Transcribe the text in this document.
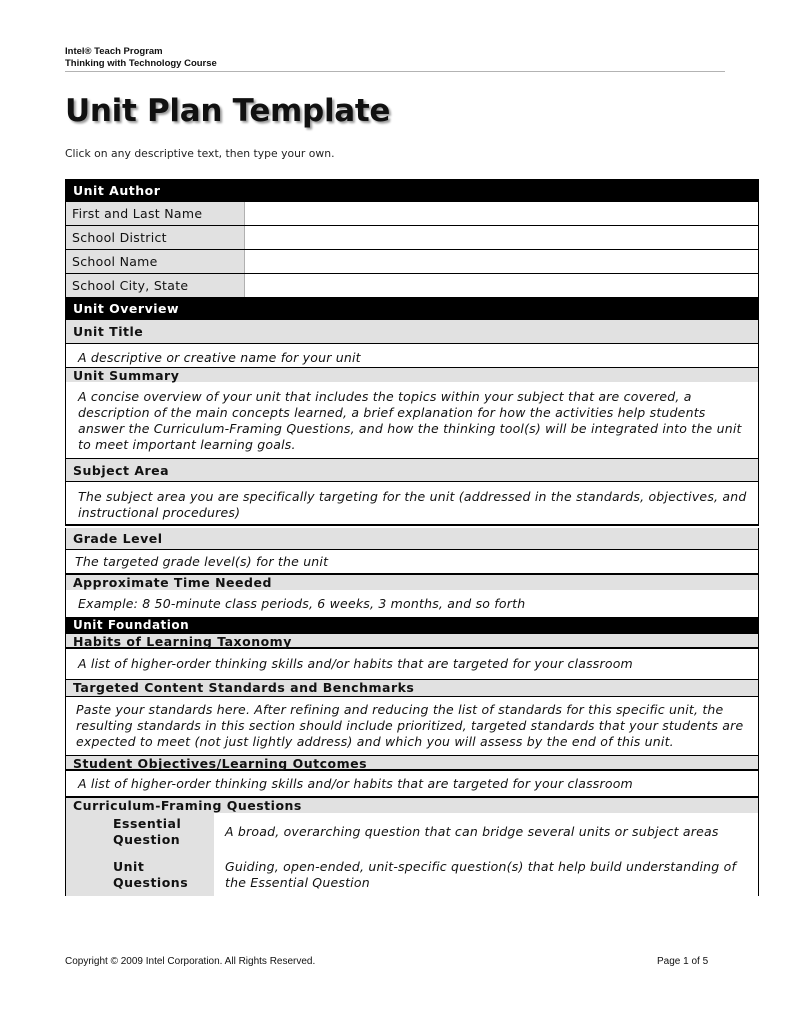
Intel® Teach Program
Thinking with Technology Course
Unit Plan Template
Click on any descriptive text, then type your own.
Unit Author
First and Last Name
School District
School Name
School City, State
Unit Overview
Unit Title
A descriptive or creative name for your unit
Unit Summary
A concise overview of your unit that includes the topics within your subject that are covered, a description of the main concepts learned, a brief explanation for how the activities help students answer the Curriculum-Framing Questions, and how the thinking tool(s) will be integrated into the unit to meet important learning goals.
Subject Area
The subject area you are specifically targeting for the unit (addressed in the standards, objectives, and instructional procedures)
Grade Level
The targeted grade level(s) for the unit
Approximate Time Needed
Example: 8 50-minute class periods, 6 weeks, 3 months, and so forth
Unit Foundation
Habits of Learning Taxonomy
A list of higher-order thinking skills and/or habits that are targeted for your classroom
Targeted Content Standards and Benchmarks
Paste your standards here. After refining and reducing the list of standards for this specific unit, the resulting standards in this section should include prioritized, targeted standards that your students are expected to meet (not just lightly address) and which you will assess by the end of this unit.
Student Objectives/Learning Outcomes
A list of higher-order thinking skills and/or habits that are targeted for your classroom
Curriculum-Framing Questions
Essential
Question
A broad, overarching question that can bridge several units or subject areas
Unit
Questions
Guiding, open-ended, unit-specific question(s) that help build understanding of the Essential Question
Copyright © 2009 Intel Corporation. All Rights Reserved.	Page 1 of 5
